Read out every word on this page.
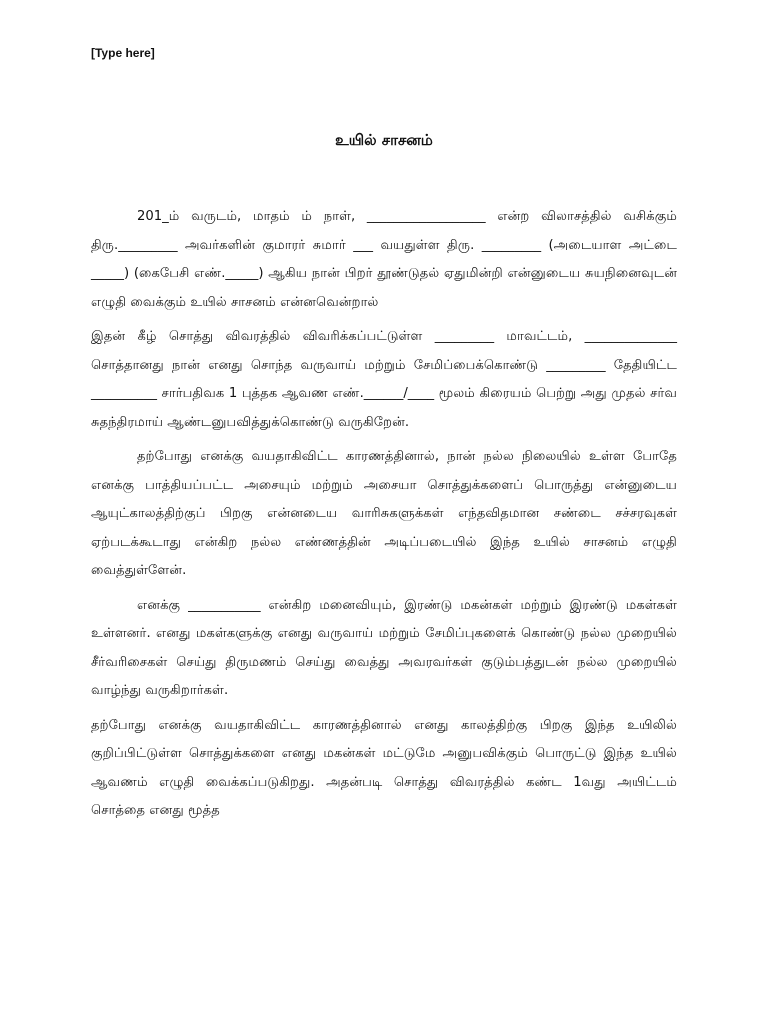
[Type here]
உயில் சாசனம்

201_ம் வருடம், மாதம் ம் நாள், __________________ என்ற விலாசத்தில் வசிக்கும் திரு._________ அவர்களின் குமாரர் சுமார் ___ வயதுள்ள திரு. _________ (அடையாள அட்டை _____) (கைபேசி எண்._____) ஆகிய நான் பிறர் தூண்டுதல் ஏதுமின்றி என்னுடைய சுயநினைவுடன் எழுதி வைக்கும் உயில் சாசனம் என்னவென்றால்

இதன் கீழ் சொத்து விவரத்தில் விவரிக்கப்பட்டுள்ள _________ மாவட்டம், ______________ சொத்தானது நான் எனது சொந்த வருவாய் மற்றும் சேமிப்பைக்கொண்டு _________ தேதியிட்ட __________ சார்பதிவக 1 புத்தக ஆவண எண்.______/____ மூலம் கிரையம் பெற்று அது முதல் சர்வ சுதந்திரமாய் ஆண்டனுபவித்துக்கொண்டு வருகிறேன்.

தற்போது எனக்கு வயதாகிவிட்ட காரணத்தினால், நான் நல்ல நிலையில் உள்ள போதே எனக்கு பாத்தியப்பட்ட அசையும் மற்றும் அசையா சொத்துக்களைப் பொருத்து என்னுடைய ஆயுட்காலத்திற்குப் பிறகு என்னடைய வாரிசுகளுக்கள் எந்தவிதமான சண்டை சச்சரவுகள் ஏற்படக்கூடாது என்கிற நல்ல எண்ணத்தின் அடிப்படையில் இந்த உயில் சாசனம் எழுதி வைத்துள்ளேன்.

எனக்கு ___________ என்கிற மனைவியும், இரண்டு மகன்கள் மற்றும் இரண்டு மகள்கள் உள்ளனர். எனது மகள்களுக்கு எனது வருவாய் மற்றும் சேமிப்புகளைக் கொண்டு நல்ல முறையில் சீர்வரிசைகள் செய்து திருமணம் செய்து வைத்து அவரவர்கள் குடும்பத்துடன் நல்ல முறையில் வாழ்ந்து வருகிறார்கள்.

தற்போது எனக்கு வயதாகிவிட்ட காரணத்தினால் எனது காலத்திற்கு பிறகு இந்த உயிலில் குறிப்பிட்டுள்ள சொத்துக்களை எனது மகன்கள் மட்டுமே அனுபவிக்கும் பொருட்டு இந்த உயில் ஆவணம் எழுதி வைக்கப்படுகிறது. அதன்படி சொத்து விவரத்தில் கண்ட 1வது அயிட்டம் சொத்தை எனது மூத்த
